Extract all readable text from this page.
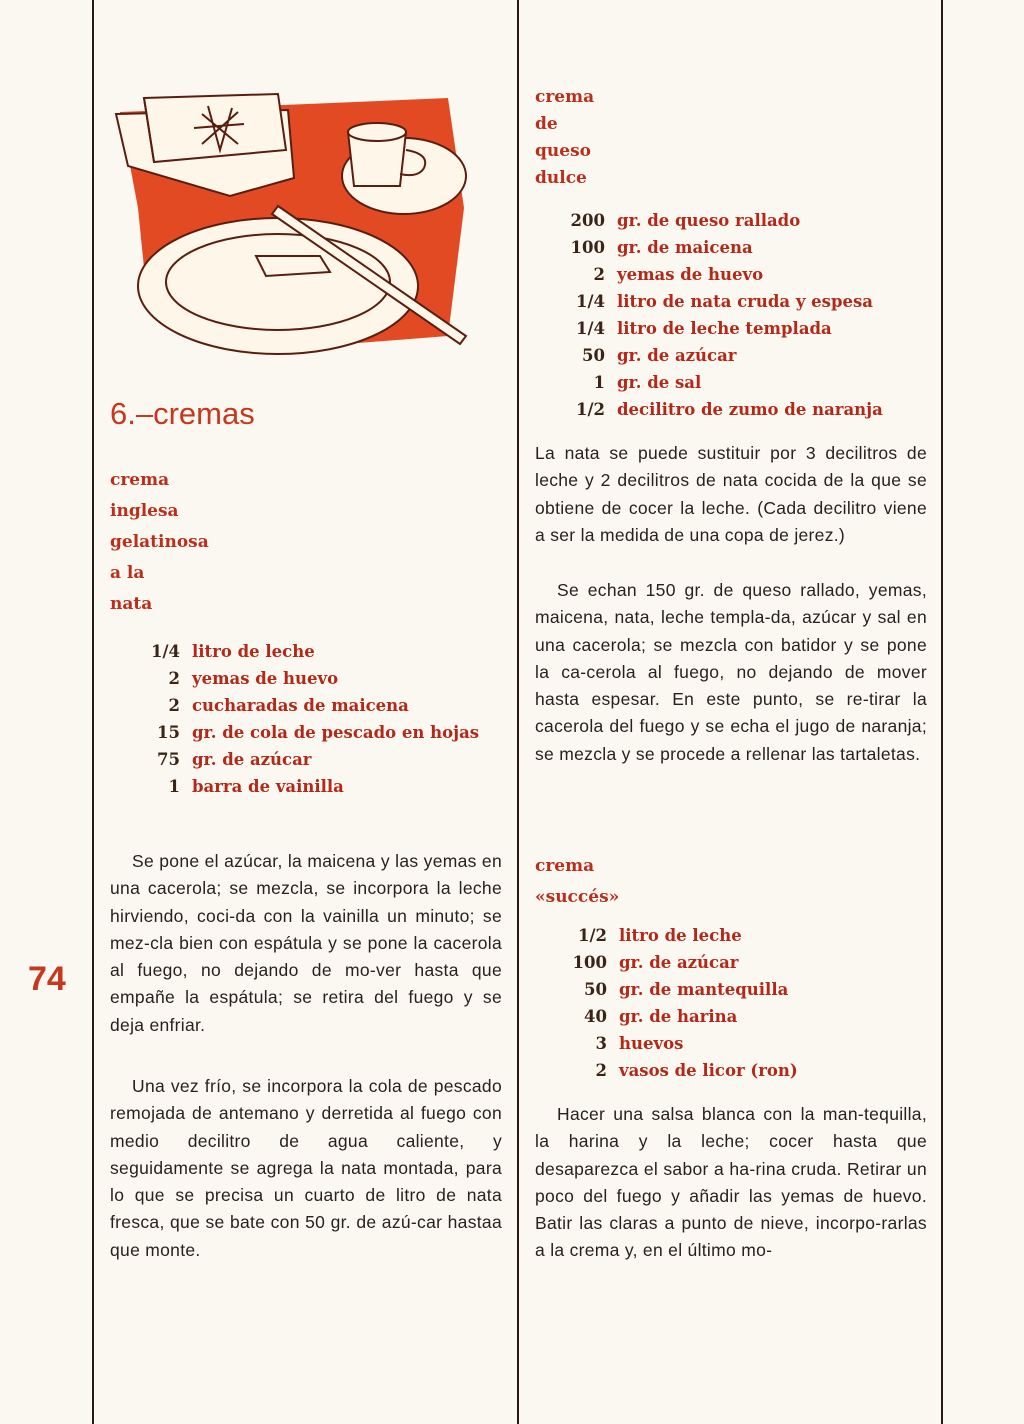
74
6.–cremas
crema
inglesa
gelatinosa
a la
nata
1/4 litro de leche
2 yemas de huevo
2 cucharadas de maicena
15 gr. de cola de pescado en hojas
75 gr. de azúcar
1 barra de vainilla

Se pone el azúcar, la maicena y las yemas en una cacerola; se mezcla, se incorpora la leche hirviendo, coci-da con la vainilla un minuto; se mez-cla bien con espátula y se pone la cacerola al fuego, no dejando de mo-ver hasta que empañe la espátula; se retira del fuego y se deja enfriar.

Una vez frío, se incorpora la cola de pescado remojada de antemano y derretida al fuego con medio decilitro de agua caliente, y seguidamente se agrega la nata montada, para lo que se precisa un cuarto de litro de nata fresca, que se bate con 50 gr. de azú-car hastaa que monte.

crema
de
queso
dulce
200 gr. de queso rallado
100 gr. de maicena
2 yemas de huevo
1/4 litro de nata cruda y espesa
1/4 litro de leche templada
50 gr. de azúcar
1 gr. de sal
1/2 decilitro de zumo de naranja

La nata se puede sustituir por 3 decilitros de leche y 2 decilitros de nata cocida de la que se obtiene de cocer la leche. (Cada decilitro viene a ser la medida de una copa de jerez.)

Se echan 150 gr. de queso rallado, yemas, maicena, nata, leche templa-da, azúcar y sal en una cacerola; se mezcla con batidor y se pone la ca-cerola al fuego, no dejando de mover hasta espesar. En este punto, se re-tirar la cacerola del fuego y se echa el jugo de naranja; se mezcla y se procede a rellenar las tartaletas.

crema
«succés»
1/2 litro de leche
100 gr. de azúcar
50 gr. de mantequilla
40 gr. de harina
3 huevos
2 vasos de licor (ron)

Hacer una salsa blanca con la man-tequilla, la harina y la leche; cocer hasta que desaparezca el sabor a ha-rina cruda. Retirar un poco del fuego y añadir las yemas de huevo. Batir las claras a punto de nieve, incorpo-rarlas a la crema y, en el último mo-
